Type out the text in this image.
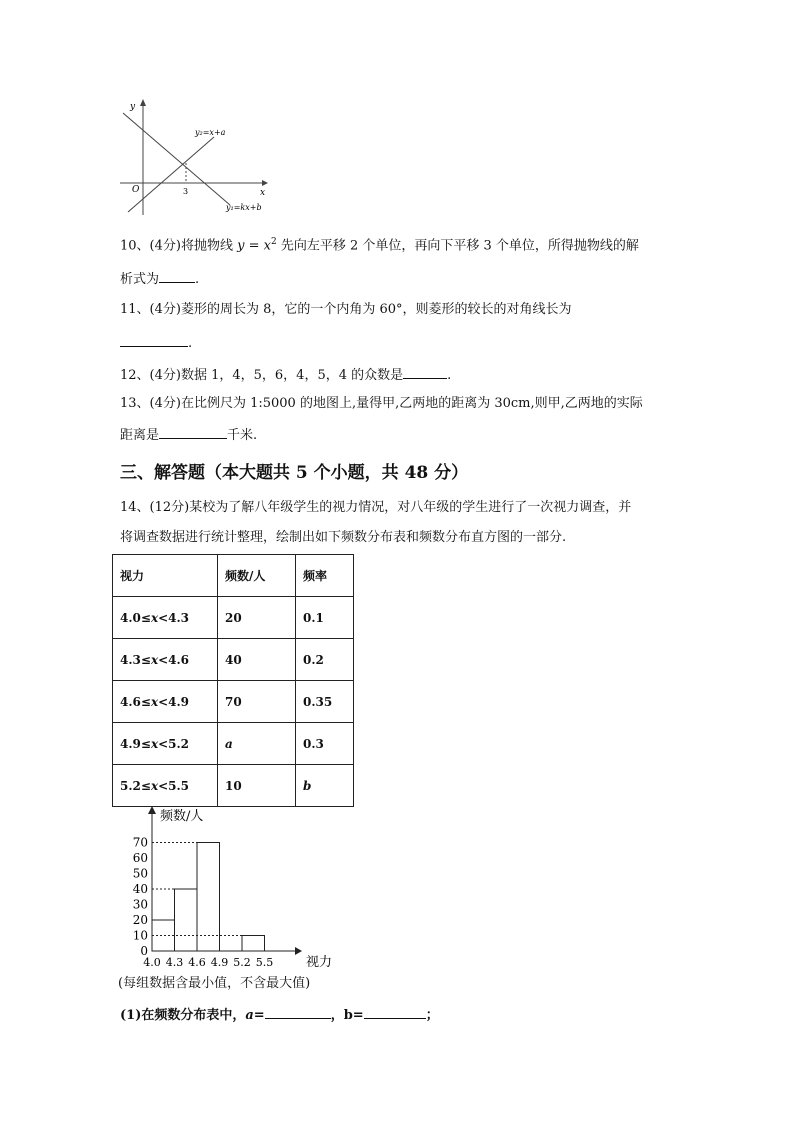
y
x
O	3
y₂=x+a
y₁=kx+b
10、(4分)将抛物线 $y = x^2$ 先向左平移 2 个单位，再向下平移 3 个单位，所得抛物线的解
析式为	.
11、(4分)菱形的周长为 8，它的一个内角为 60°，则菱形的较长的对角线长为
.
12、(4分)数据 1，4，5，6，4，5，4 的众数是	.
13、(4分)在比例尺为 1:5000 的地图上,量得甲,乙两地的距离为 30cm,则甲,乙两地的实际
距离是	千米.
三、解答题（本大题共 5 个小题，共 48 分）
14、(12分)某校为了解八年级学生的视力情况，对八年级的学生进行了一次视力调查，并
将调查数据进行统计整理，绘制出如下频数分布表和频数分布直方图的一部分.
视力	频数/人	频率
4.0≤x<4.3	20	0.1
4.3≤x<4.6	40	0.2
4.6≤x<4.9	70	0.35
4.9≤x<5.2	a	0.3
5.2≤x<5.5	10	b
0
10
20
30
40
50
60
70
4.0 4.3 4.6 4.9 5.2 5.5
频数/人
视力
(每组数据含最小值，不含最大值)
(1)在频数分布表中，a=	，b=	；
